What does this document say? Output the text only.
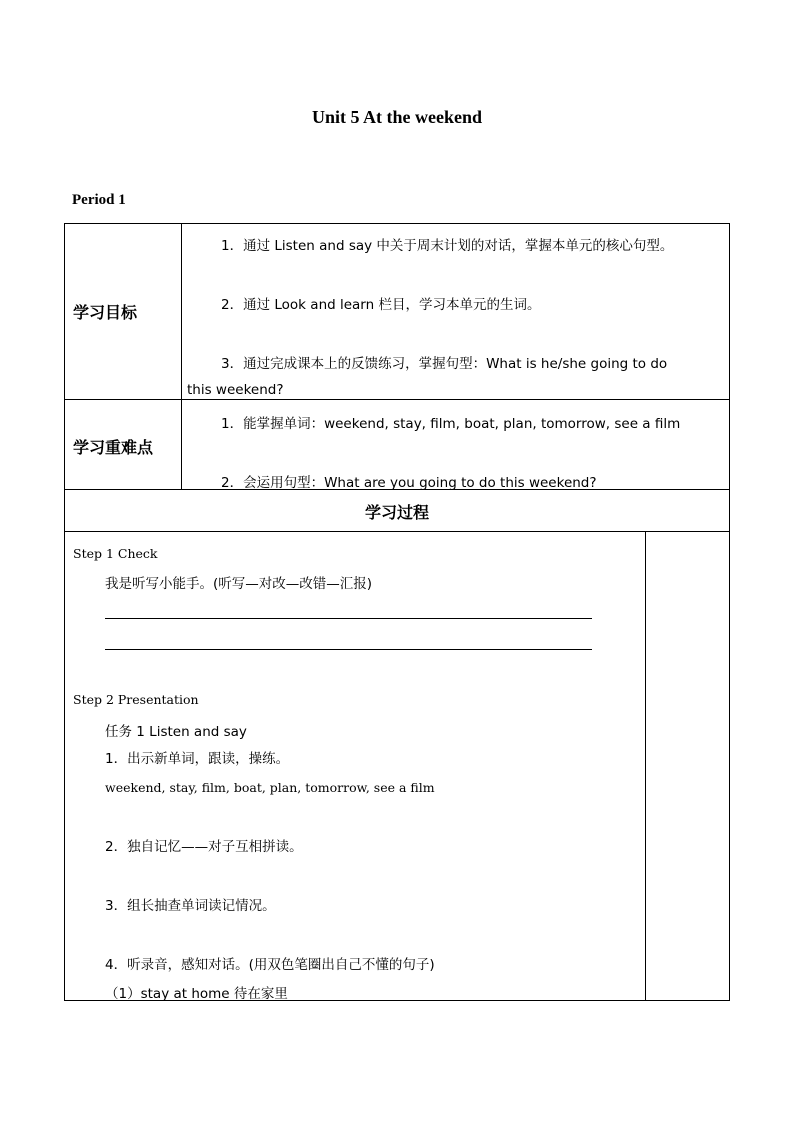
Unit 5 At the weekend
Period 1
学习目标
1．通过 Listen and say 中关于周末计划的对话，掌握本单元的核心句型。
2．通过 Look and learn 栏目，学习本单元的生词。
3．通过完成课本上的反馈练习，掌握句型：What is he/she going to do
this weekend?
学习重难点
1．能掌握单词：weekend, stay, film, boat, plan, tomorrow, see a film
2．会运用句型：What are you going to do this weekend?
学习过程
Step 1 Check
我是听写小能手。(听写—对改—改错—汇报)
Step 2 Presentation
任务 1 Listen and say
1．出示新单词，跟读，操练。
weekend, stay, film, boat, plan, tomorrow, see a film
2．独自记忆——对子互相拼读。
3．组长抽查单词读记情况。
4．听录音，感知对话。(用双色笔圈出自己不懂的句子)
（1）stay at home 待在家里
